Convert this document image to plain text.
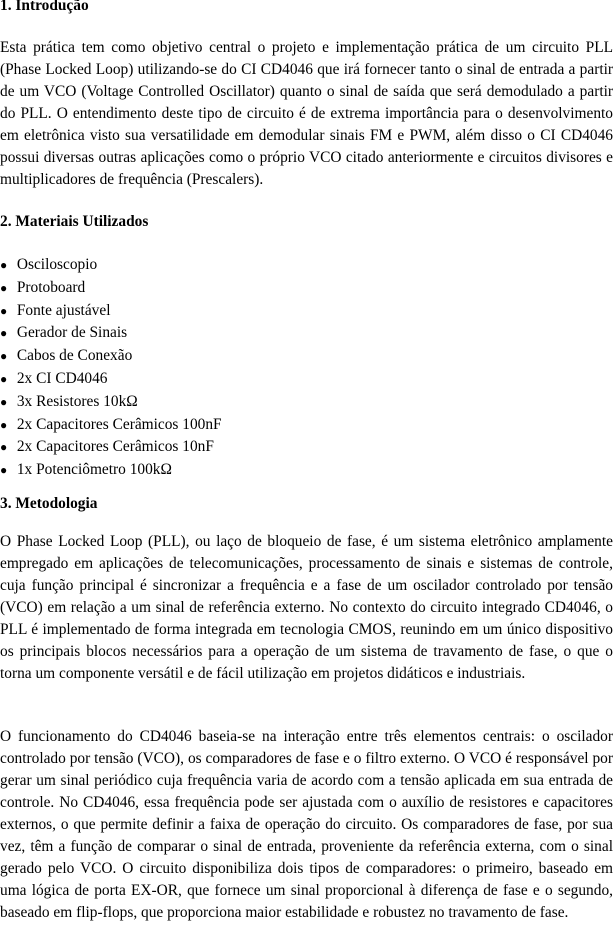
1. Introdução

Esta prática tem como objetivo central o projeto e implementação prática de um circuito PLL (Phase Locked Loop) utilizando-se do CI CD4046 que irá fornecer tanto o sinal de entrada a partir de um VCO (Voltage Controlled Oscillator) quanto o sinal de saída que será demodulado a partir do PLL. O entendimento deste tipo de circuito é de extrema importância para o desenvolvimento em eletrônica visto sua versatilidade em demodular sinais FM e PWM, além disso o CI CD4046 possui diversas outras aplicações como o próprio VCO citado anteriormente e circuitos divisores e multiplicadores de frequência (Prescalers).

2. Materiais Utilizados
● Osciloscopio
● Protoboard
● Fonte ajustável
● Gerador de Sinais
● Cabos de Conexão
● 2x CI CD4046
● 3x Resistores 10kΩ
● 2x Capacitores Cerâmicos 100nF
● 2x Capacitores Cerâmicos 10nF
● 1x Potenciômetro 100kΩ
3. Metodologia

O Phase Locked Loop (PLL), ou laço de bloqueio de fase, é um sistema eletrônico amplamente empregado em aplicações de telecomunicações, processamento de sinais e sistemas de controle, cuja função principal é sincronizar a frequência e a fase de um oscilador controlado por tensão (VCO) em relação a um sinal de referência externo. No contexto do circuito integrado CD4046, o PLL é implementado de forma integrada em tecnologia CMOS, reunindo em um único dispositivo os principais blocos necessários para a operação de um sistema de travamento de fase, o que o torna um componente versátil e de fácil utilização em projetos didáticos e industriais.

O funcionamento do CD4046 baseia-se na interação entre três elementos centrais: o oscilador controlado por tensão (VCO), os comparadores de fase e o filtro externo. O VCO é responsável por gerar um sinal periódico cuja frequência varia de acordo com a tensão aplicada em sua entrada de controle. No CD4046, essa frequência pode ser ajustada com o auxílio de resistores e capacitores externos, o que permite definir a faixa de operação do circuito. Os comparadores de fase, por sua vez, têm a função de comparar o sinal de entrada, proveniente da referência externa, com o sinal gerado pelo VCO. O circuito disponibiliza dois tipos de comparadores: o primeiro, baseado em uma lógica de porta EX-OR, que fornece um sinal proporcional à diferença de fase e o segundo, baseado em flip-flops, que proporciona maior estabilidade e robustez no travamento de fase.
